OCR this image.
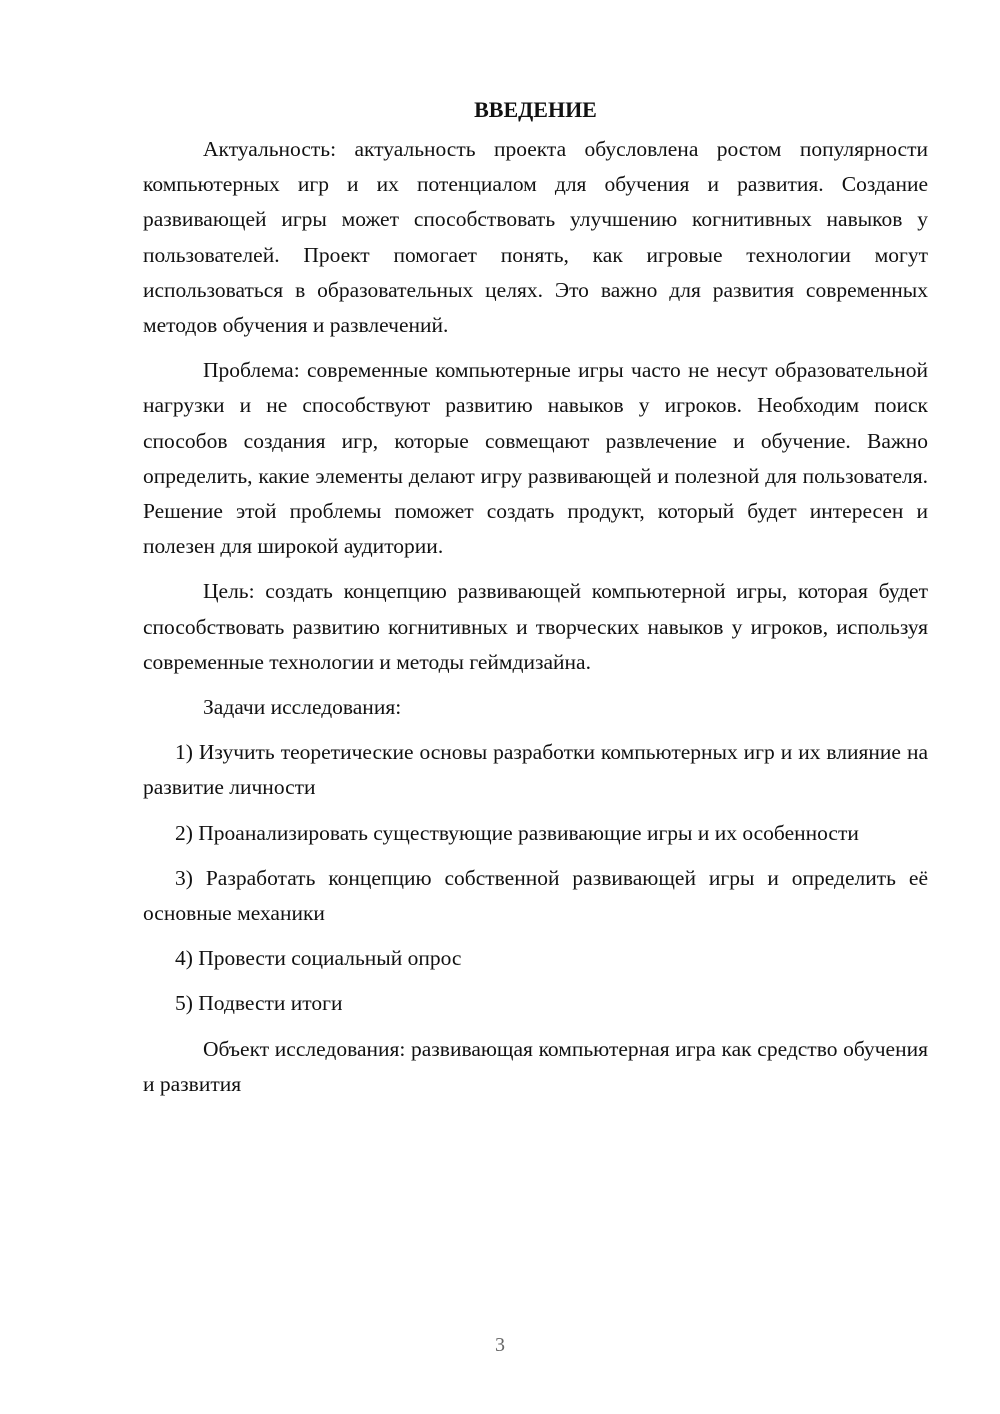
ВВЕДЕНИЕ

Актуальность: актуальность проекта обусловлена ростом популярности компьютерных игр и их потенциалом для обучения и развития. Создание развивающей игры может способствовать улучшению когнитивных навыков у пользователей. Проект помогает понять, как игровые технологии могут использоваться в образовательных целях. Это важно для развития современных методов обучения и развлечений.

Проблема: современные компьютерные игры часто не несут образовательной нагрузки и не способствуют развитию навыков у игроков. Необходим поиск способов создания игр, которые совмещают развлечение и обучение. Важно определить, какие элементы делают игру развивающей и полезной для пользователя. Решение этой проблемы поможет создать продукт, который будет интересен и полезен для широкой аудитории.

Цель: создать концепцию развивающей компьютерной игры, которая будет способствовать развитию когнитивных и творческих навыков у игроков, используя современные технологии и методы геймдизайна.

Задачи исследования:

1) Изучить теоретические основы разработки компьютерных игр и их влияние на развитие личности

2) Проанализировать существующие развивающие игры и их особенности

3) Разработать концепцию собственной развивающей игры и определить её основные механики

4) Провести социальный опрос

5) Подвести итоги

Объект исследования: развивающая компьютерная игра как средство обучения и развития

3
